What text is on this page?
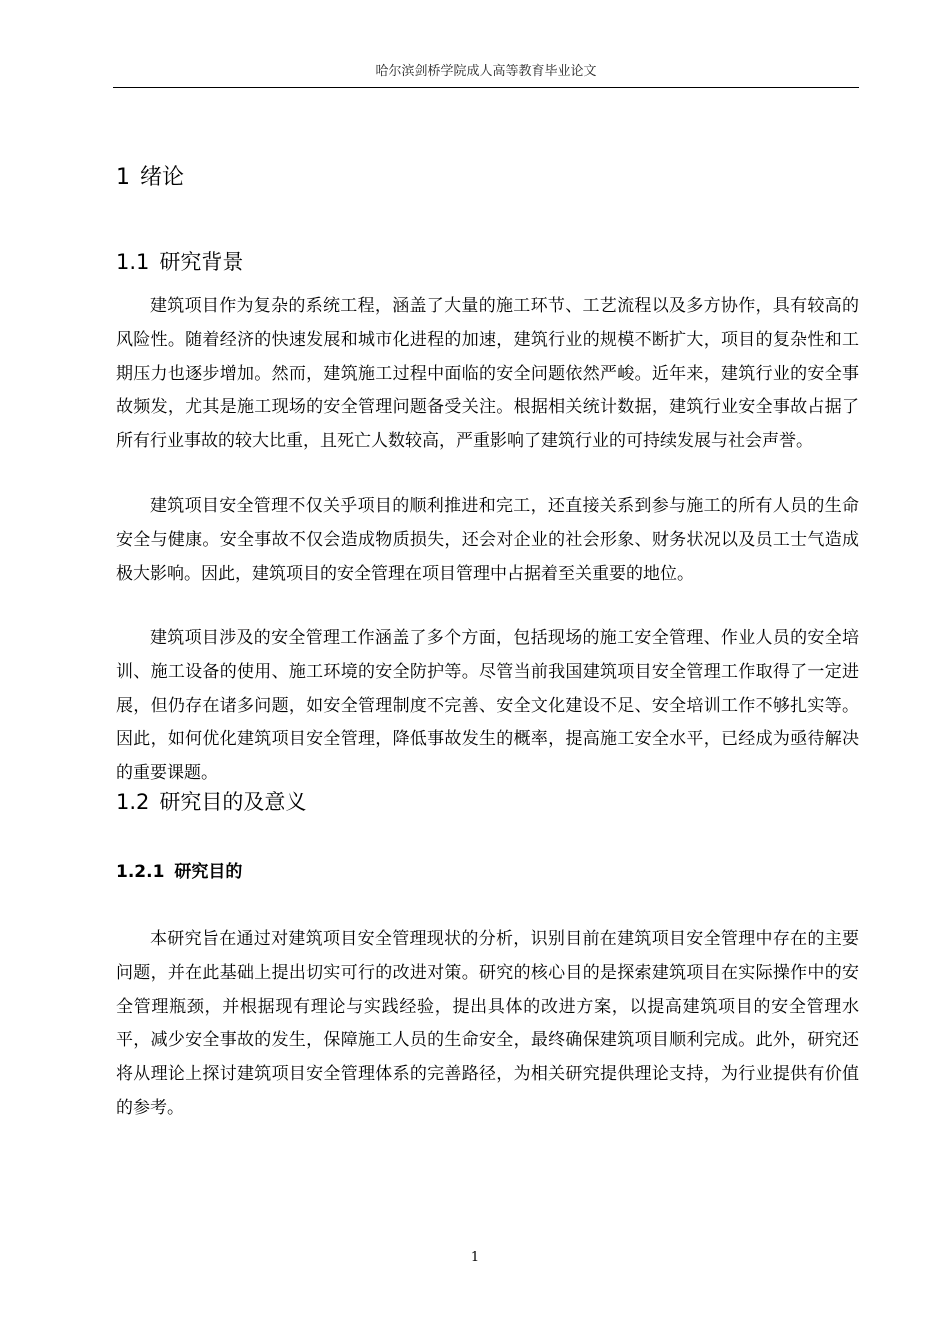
哈尔滨剑桥学院成人高等教育毕业论文
1 绪论
1.1 研究背景

建筑项目作为复杂的系统工程，涵盖了大量的施工环节、工艺流程以及多方协作，具有较高的风险性。随着经济的快速发展和城市化进程的加速，建筑行业的规模不断扩大，项目的复杂性和工期压力也逐步增加。然而，建筑施工过程中面临的安全问题依然严峻。近年来，建筑行业的安全事故频发，尤其是施工现场的安全管理问题备受关注。根据相关统计数据，建筑行业安全事故占据了所有行业事故的较大比重，且死亡人数较高，严重影响了建筑行业的可持续发展与社会声誉。

建筑项目安全管理不仅关乎项目的顺利推进和完工，还直接关系到参与施工的所有人员的生命安全与健康。安全事故不仅会造成物质损失，还会对企业的社会形象、财务状况以及员工士气造成极大影响。因此，建筑项目的安全管理在项目管理中占据着至关重要的地位。

建筑项目涉及的安全管理工作涵盖了多个方面，包括现场的施工安全管理、作业人员的安全培训、施工设备的使用、施工环境的安全防护等。尽管当前我国建筑项目安全管理工作取得了一定进展，但仍存在诸多问题，如安全管理制度不完善、安全文化建设不足、安全培训工作不够扎实等。因此，如何优化建筑项目安全管理，降低事故发生的概率，提高施工安全水平，已经成为亟待解决的重要课题。

1.2 研究目的及意义
1.2.1 研究目的

本研究旨在通过对建筑项目安全管理现状的分析，识别目前在建筑项目安全管理中存在的主要问题，并在此基础上提出切实可行的改进对策。研究的核心目的是探索建筑项目在实际操作中的安全管理瓶颈，并根据现有理论与实践经验，提出具体的改进方案，以提高建筑项目的安全管理水平，减少安全事故的发生，保障施工人员的生命安全，最终确保建筑项目顺利完成。此外，研究还将从理论上探讨建筑项目安全管理体系的完善路径，为相关研究提供理论支持，为行业提供有价值的参考。

1
